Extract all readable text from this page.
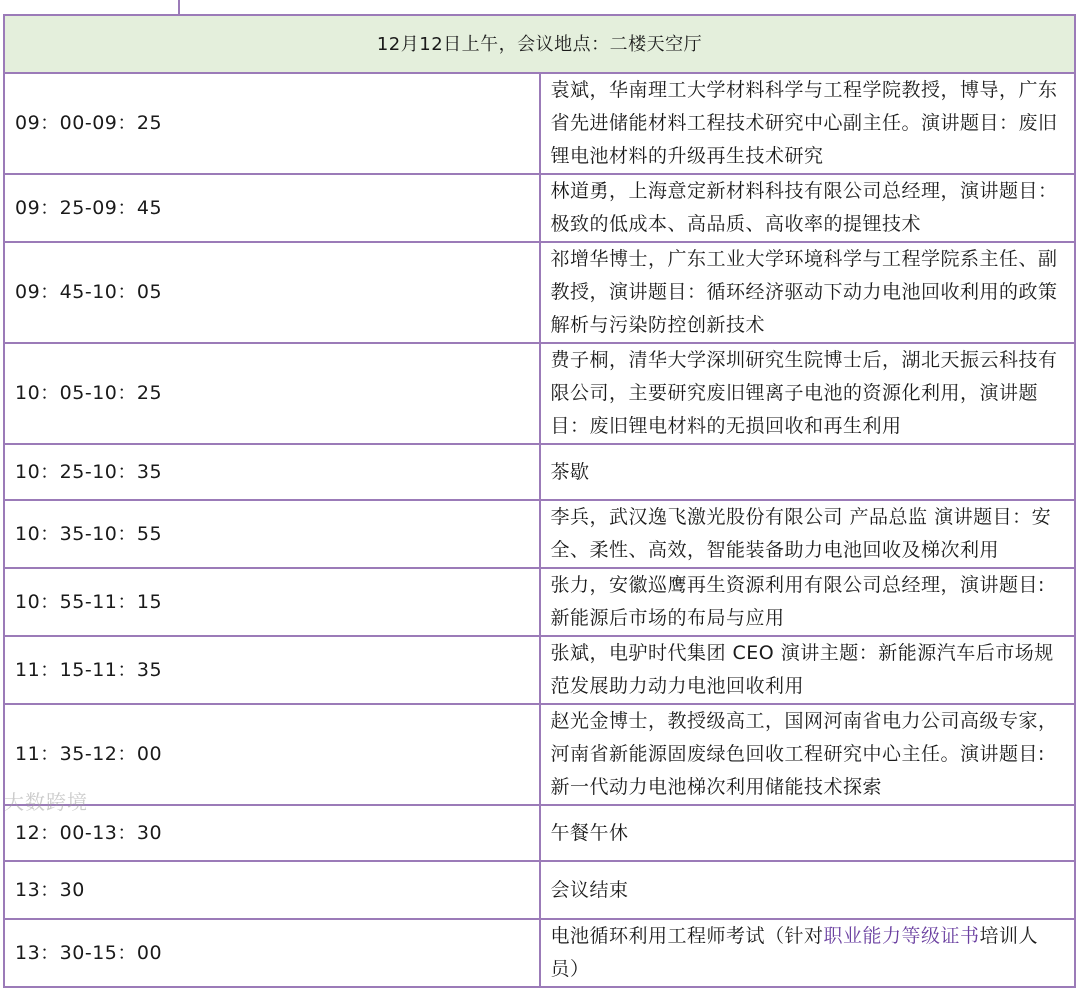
12月12日上午，会议地点：二楼天空厅	
09：00-09：25	袁斌，华南理工大学材料科学与工程学院教授，博导，广东省先进储能材料工程技术研究中心副主任。演讲题目：废旧锂电池材料的升级再生技术研究
09：25-09：45	林道勇，上海意定新材料科技有限公司总经理，演讲题目：极致的低成本、高品质、高收率的提锂技术
09：45-10：05	祁增华博士，广东工业大学环境科学与工程学院系主任、副教授，演讲题目：循环经济驱动下动力电池回收利用的政策解析与污染防控创新技术
10：05-10：25	费子桐，清华大学深圳研究生院博士后，湖北天振云科技有限公司，主要研究废旧锂离子电池的资源化利用，演讲题目：废旧锂电材料的无损回收和再生利用
10：25-10：35	茶歇
10：35-10：55	李兵，武汉逸飞激光股份有限公司 产品总监 演讲题目：安全、柔性、高效，智能装备助力电池回收及梯次利用
10：55-11：15	张力，安徽巡鹰再生资源利用有限公司总经理，演讲题目:新能源后市场的布局与应用
11：15-11：35	张斌，电驴时代集团 CEO 演讲主题：新能源汽车后市场规范发展助力动力电池回收利用
11：35-12：00	赵光金博士，教授级高工，国网河南省电力公司高级专家，河南省新能源固废绿色回收工程研究中心主任。演讲题目:新一代动力电池梯次利用储能技术探索
12：00-13：30	午餐午休
13：30	会议结束
13：30-15：00	电池循环利用工程师考试（针对职业能力等级证书培训人员）
大数跨境
